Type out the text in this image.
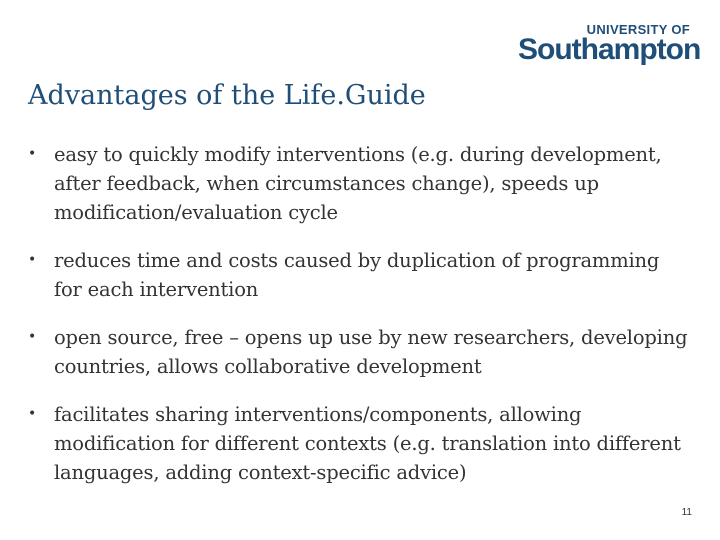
UNIVERSITY OF
Southampton
Advantages of the Life.Guide
• easy to quickly modify interventions (e.g. during development, after feedback, when circumstances change), speeds up modification/evaluation cycle
• reduces time and costs caused by duplication of programming for each intervention
• open source, free – opens up use by new researchers, developing countries, allows collaborative development
• facilitates sharing interventions/components, allowing modification for different contexts (e.g. translation into different languages, adding context-specific advice)
11
